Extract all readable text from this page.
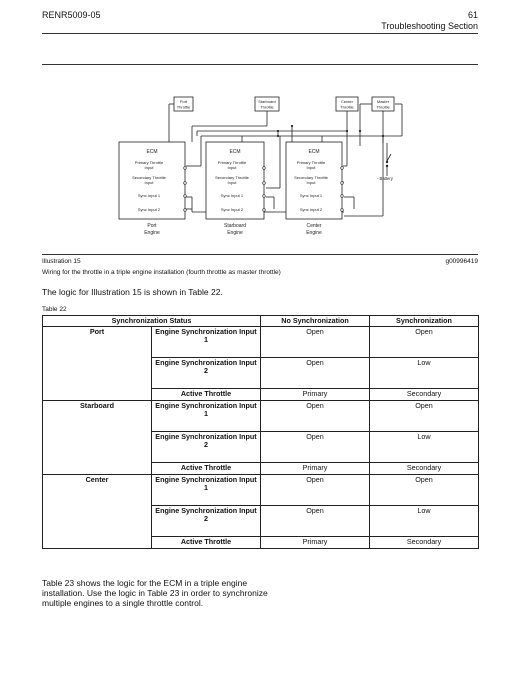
RENR5009-05	61
Troubleshooting Section
Port
Throttle
Starboard
Throttle
Center
Throttle
Master
Throttle
ECM
Primary Throttle
Input
Secondary Throttle
Input
Sync Input 1
Sync Input 2
Port
Engine
ECM
Primary Throttle
Input
Secondary Throttle
Input
Sync Input 1
Sync Input 2
Starboard
Engine
ECM
Primary Throttle
Input
Secondary Throttle
Input
Sync Input 1
Sync Input 2
Center
Engine
- Battery
Illustration 15	g00996419
Wiring for the throttle in a triple engine installation (fourth throttle as master throttle)
The logic for Illustration 15 is shown in Table 22.
Table 22
Synchronization Status		No Synchronization	Synchronization
Port	Engine Synchronization Input 1	Open	Open
	Engine Synchronization Input 2	Open	Low
	Active Throttle	Primary	Secondary
Starboard	Engine Synchronization Input 1	Open	Open
	Engine Synchronization Input 2	Open	Low
	Active Throttle	Primary	Secondary
Center	Engine Synchronization Input 1	Open	Open
	Engine Synchronization Input 2	Open	Low
	Active Throttle	Primary	Secondary
Table 23 shows the logic for the ECM in a triple engine installation. Use the logic in Table 23 in order to synchronize multiple engines to a single throttle control.
